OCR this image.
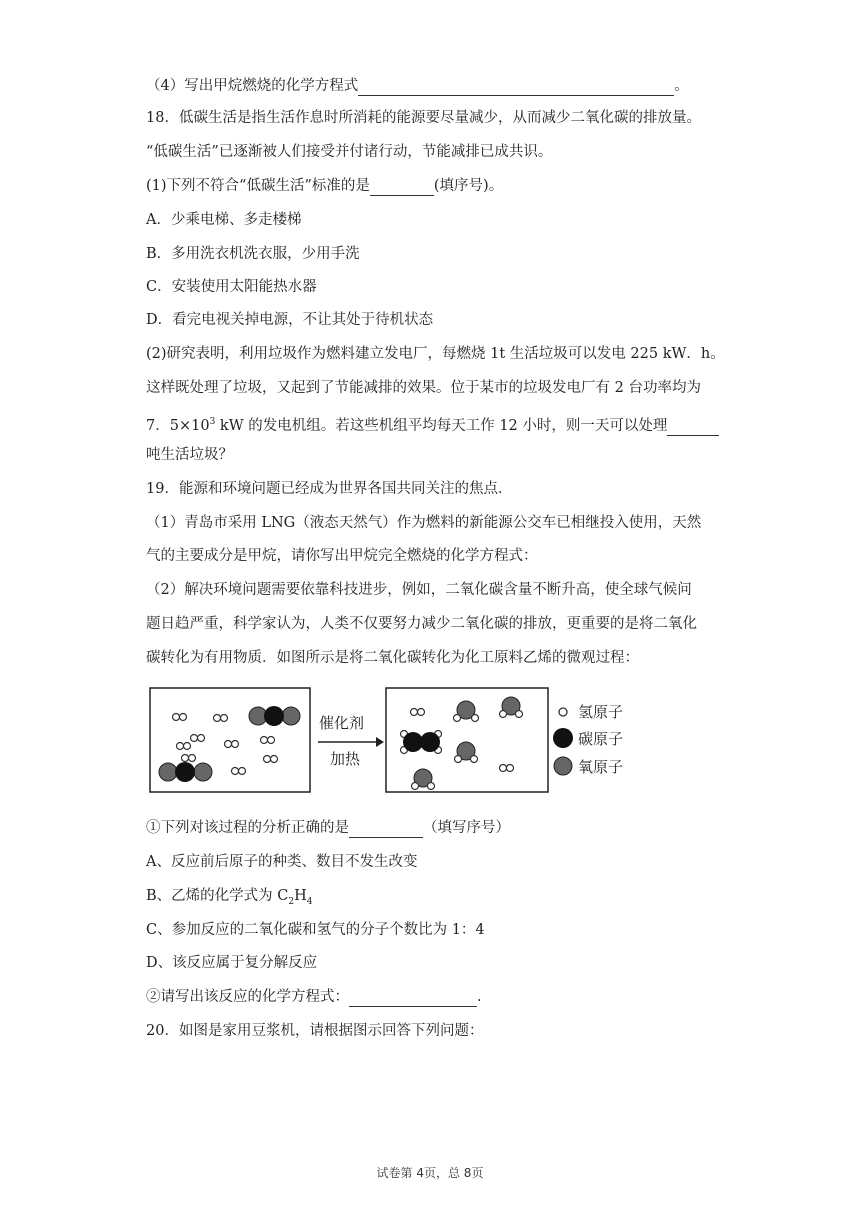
（4）写出甲烷燃烧的化学方程式	。
18．低碳生活是指生活作息时所消耗的能源要尽量减少，从而减少二氧化碳的排放量。
“低碳生活”已逐渐被人们接受并付诸行动，节能减排已成共识。
(1)下列不符合“低碳生活”标准的是	(填序号)。
A．少乘电梯、多走楼梯
B．多用洗衣机洗衣服，少用手洗
C．安装使用太阳能热水器
D．看完电视关掉电源，不让其处于待机状态
(2)研究表明，利用垃圾作为燃料建立发电厂，每燃烧 1t 生活垃圾可以发电 225 kW．h。
这样既处理了垃圾，又起到了节能减排的效果。位于某市的垃圾发电厂有 2 台功率均为
7．$5\times 10^3$ kW 的发电机组。若这些机组平均每天工作 12 小时，则一天可以处理
吨生活垃圾？
19．能源和环境问题已经成为世界各国共同关注的焦点．
（1）青岛市采用 LNG（液态天然气）作为燃料的新能源公交车已相继投入使用，天然
气的主要成分是甲烷，请你写出甲烷完全燃烧的化学方程式：
（2）解决环境问题需要依靠科技进步，例如，二氧化碳含量不断升高，使全球气候问
题日趋严重，科学家认为，人类不仅要努力减少二氧化碳的排放，更重要的是将二氧化
碳转化为有用物质．如图所示是将二氧化碳转化为化工原料乙烯的微观过程：
催化剂
加热
氢原子
碳原子
氧原子
①下列对该过程的分析正确的是	（填写序号）
A、反应前后原子的种类、数目不发生改变
B、乙烯的化学式为 $C_2H_4$
C、参加反应的二氧化碳和氢气的分子个数比为 1：4
D、该反应属于复分解反应
②请写出该反应的化学方程式：	.
20．如图是家用豆浆机，请根据图示回答下列问题：
试卷第 4页，总 8页
